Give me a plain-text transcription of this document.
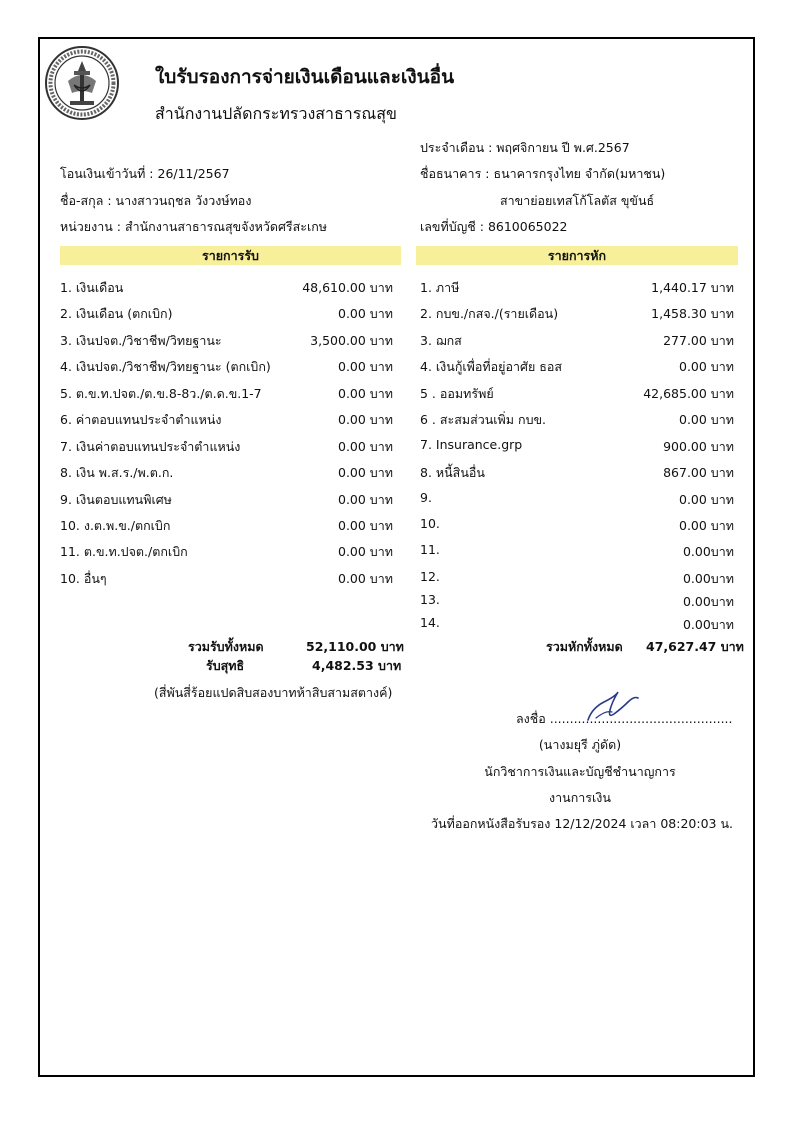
ใบรับรองการจ่ายเงินเดือนและเงินอื่น
สำนักงานปลัดกระทรวงสาธารณสุข
ประจำเดือน : พฤศจิกายน ปี พ.ศ.2567
โอนเงินเข้าวันที่ : 26/11/2567	ชื่อธนาคาร : ธนาคารกรุงไทย จำกัด(มหาชน)
ชื่อ-สกุล : นางสาวนฤชล วังวงษ์ทอง	สาขาย่อยเทสโก้โลตัส ขุขันธ์
หน่วยงาน : สำนักงานสาธารณสุขจังหวัดศรีสะเกษ	เลขที่บัญชี : 8610065022
รายการรับ	รายการหัก
1. เงินเดือน	48,610.00 บาท
2. เงินเดือน (ตกเบิก)	0.00 บาท
3. เงินปจต./วิชาชีพ/วิทยฐานะ	3,500.00 บาท
4. เงินปจต./วิชาชีพ/วิทยฐานะ (ตกเบิก)	0.00 บาท
5. ต.ข.ท.ปจต./ต.ข.8-8ว./ต.ด.ข.1-7	0.00 บาท
6. ค่าตอบแทนประจำตำแหน่ง	0.00 บาท
7. เงินค่าตอบแทนประจำตำแหน่ง	0.00 บาท
8. เงิน พ.ส.ร./พ.ต.ก.	0.00 บาท
9. เงินตอบแทนพิเศษ	0.00 บาท
10. ง.ต.พ.ข./ตกเบิก	0.00 บาท
11. ต.ข.ท.ปจต./ตกเบิก	0.00 บาท
10. อื่นๆ	0.00 บาท
1. ภาษี	1,440.17 บาท
2. กบข./กสจ./(รายเดือน)	1,458.30 บาท
3. ฌกส	277.00 บาท
4. เงินกู้เพื่อที่อยู่อาศัย ธอส	0.00 บาท
5 . ออมทรัพย์	42,685.00 บาท
6 . สะสมส่วนเพิ่ม กบข.	0.00 บาท
7. Insurance.grp	900.00 บาท
8. หนี้สินอื่น	867.00 บาท
9.	0.00 บาท
10.	0.00 บาท
11.	0.00บาท
12.	0.00บาท
13.	0.00บาท
14.	0.00บาท
รวมรับทั้งหมด	52,110.00 บาท
รับสุทธิ	4,482.53 บาท
(สี่พันสี่ร้อยแปดสิบสองบาทห้าสิบสามสตางค์)
รวมหักทั้งหมด 47,627.47 บาท
ลงชื่อ ..............................................
(นางมยุรี ภู่ดัด)
นักวิชาการเงินและบัญชีชำนาญการ
งานการเงิน
วันที่ออกหนังสือรับรอง 12/12/2024 เวลา 08:20:03 น.
